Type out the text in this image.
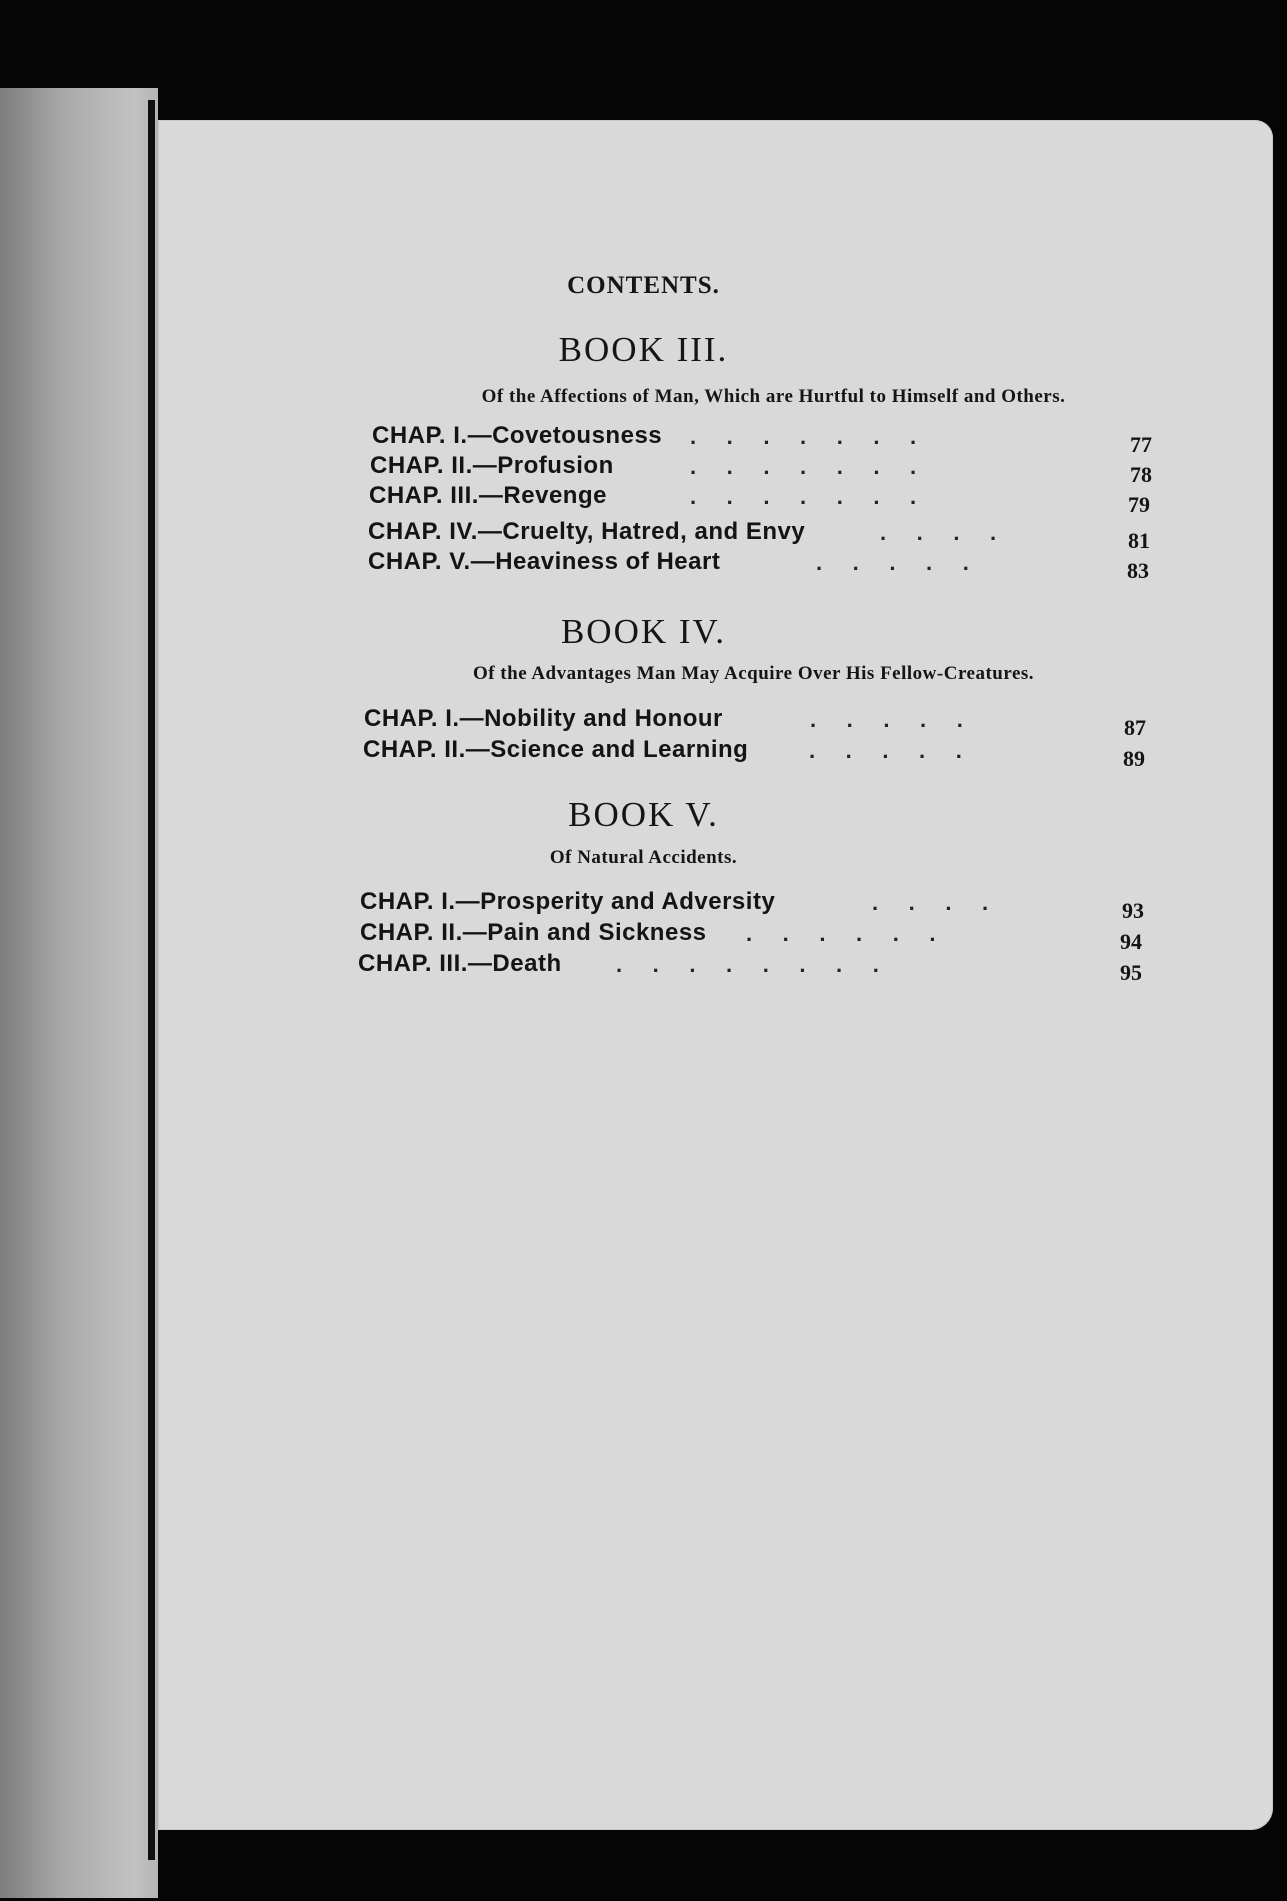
CONTENTS.
BOOK III.
Of the Affections of Man, Which are Hurtful to Himself and Others.
CHAP. I.—Covetousness .     .     .     .     .     .     .	77
CHAP. II.—Profusion	.     .     .     .     .     .     .	78
CHAP. III.—Revenge	.     .     .     .     .     .     .	79
CHAP. IV.—Cruelty, Hatred, and Envy	.     .     .     .	81
CHAP. V.—Heaviness of Heart	.     .     .     .     .	83
BOOK IV.
Of the Advantages Man May Acquire Over His Fellow-Creatures.
CHAP. I.—Nobility and Honour	.     .     .     .     .	87
CHAP. II.—Science and Learning	.     .     .     .     .	89
BOOK V.
Of Natural Accidents.
CHAP. I.—Prosperity and Adversity	.     .     .     .	93
CHAP. II.—Pain and Sickness .     .     .     .     .     .	94
CHAP. III.—Death .     .     .     .     .     .     .     .	95
